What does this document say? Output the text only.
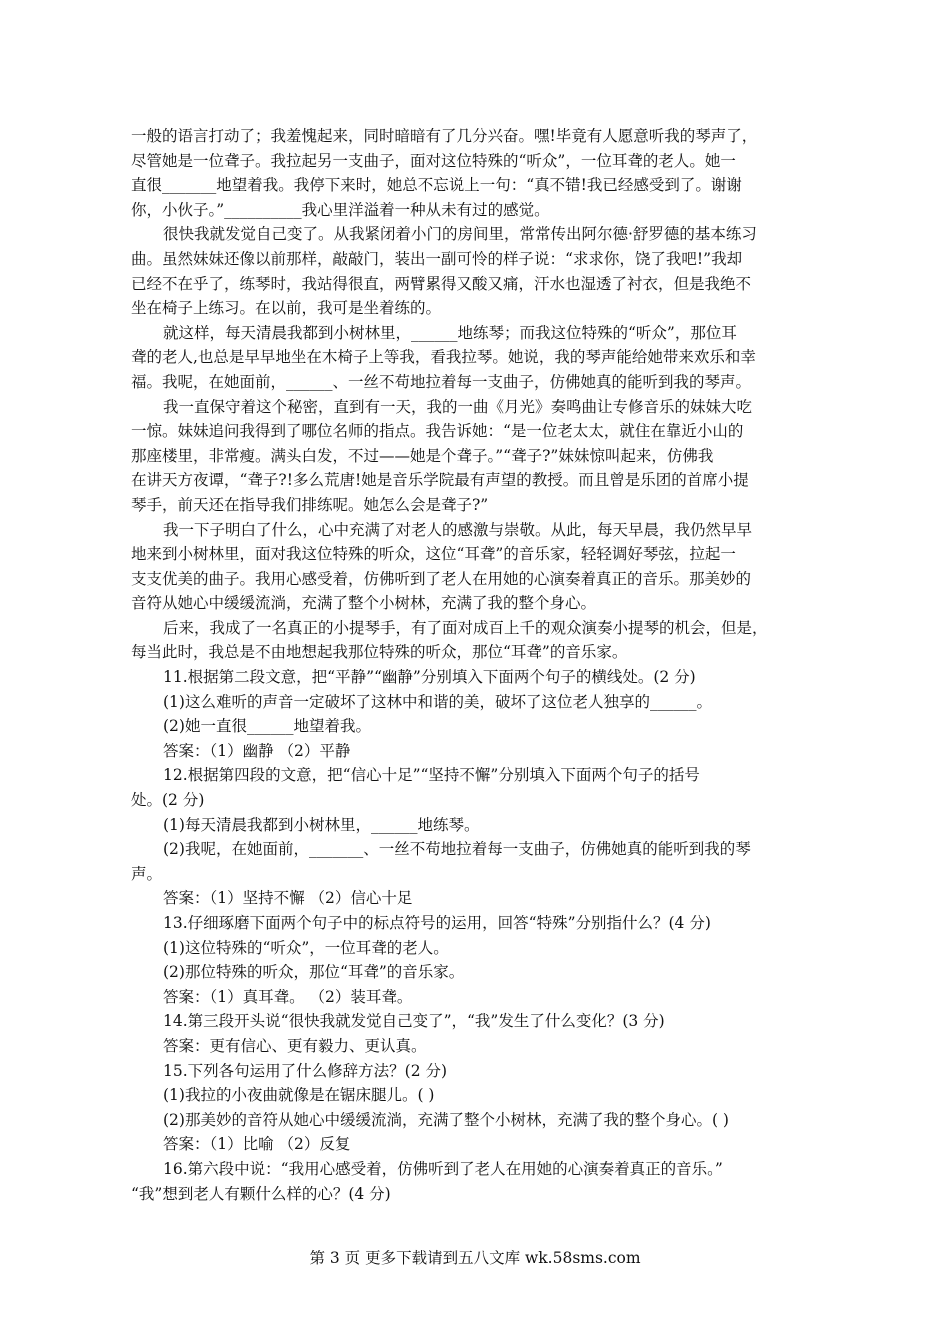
一般的语言打动了；我羞愧起来，同时暗暗有了几分兴奋。嘿!毕竟有人愿意听我的琴声了，
尽管她是一位聋子。我拉起另一支曲子，面对这位特殊的“听众”，一位耳聋的老人。她一
直很_______地望着我。我停下来时，她总不忘说上一句：“真不错!我已经感受到了。谢谢
你，小伙子。”__________我心里洋溢着一种从未有过的感觉。
很快我就发觉自己变了。从我紧闭着小门的房间里，常常传出阿尔德·舒罗德的基本练习
曲。虽然妹妹还像以前那样，敲敲门，装出一副可怜的样子说：“求求你，饶了我吧!”我却
已经不在乎了，练琴时，我站得很直，两臂累得又酸又痛，汗水也湿透了衬衣，但是我绝不
坐在椅子上练习。在以前，我可是坐着练的。
就这样，每天清晨我都到小树林里，______地练琴；而我这位特殊的“听众”，那位耳
聋的老人,也总是早早地坐在木椅子上等我，看我拉琴。她说，我的琴声能给她带来欢乐和幸
福。我呢，在她面前，______、一丝不苟地拉着每一支曲子，仿佛她真的能听到我的琴声。
我一直保守着这个秘密，直到有一天，我的一曲《月光》奏鸣曲让专修音乐的妹妹大吃
一惊。妹妹追问我得到了哪位名师的指点。我告诉她：“是一位老太太，就住在靠近小山的
那座楼里，非常瘦。满头白发，不过——她是个聋子。”“聋子?”妹妹惊叫起来，仿佛我
在讲天方夜谭，“聋子?!多么荒唐!她是音乐学院最有声望的教授。而且曾是乐团的首席小提
琴手，前天还在指导我们排练呢。她怎么会是聋子?”
我一下子明白了什么，心中充满了对老人的感激与崇敬。从此，每天早晨，我仍然早早
地来到小树林里，面对我这位特殊的听众，这位“耳聋”的音乐家，轻轻调好琴弦，拉起一
支支优美的曲子。我用心感受着，仿佛听到了老人在用她的心演奏着真正的音乐。那美妙的
音符从她心中缓缓流淌，充满了整个小树林，充满了我的整个身心。
后来，我成了一名真正的小提琴手，有了面对成百上千的观众演奏小提琴的机会，但是，
每当此时，我总是不由地想起我那位特殊的听众，那位“耳聋”的音乐家。
11.根据第二段文意，把“平静”“幽静”分别填入下面两个句子的横线处。(2 分)
(1)这么难听的声音一定破坏了这林中和谐的美，破坏了这位老人独享的______。
(2)她一直很______地望着我。
答案：（1）幽静 （2）平静
12.根据第四段的文意，把“信心十足”“坚持不懈”分别填入下面两个句子的括号
处。(2 分)
(1)每天清晨我都到小树林里，______地练琴。
(2)我呢，在她面前，_______、一丝不苟地拉着每一支曲子，仿佛她真的能听到我的琴
声。
答案：（1）坚持不懈 （2）信心十足
13.仔细琢磨下面两个句子中的标点符号的运用，回答“特殊”分别指什么？(4 分)
(1)这位特殊的“听众”，一位耳聋的老人。
(2)那位特殊的听众，那位“耳聋”的音乐家。
答案：（1）真耳聋。 （2）装耳聋。
14.第三段开头说“很快我就发觉自己变了”，“我”发生了什么变化？(3 分)
答案：更有信心、更有毅力、更认真。
15.下列各句运用了什么修辞方法？(2 分)
(1)我拉的小夜曲就像是在锯床腿儿。( )
(2)那美妙的音符从她心中缓缓流淌，充满了整个小树林，充满了我的整个身心。( )
答案：（1）比喻 （2）反复
16.第六段中说：“我用心感受着，仿佛听到了老人在用她的心演奏着真正的音乐。”
“我”想到老人有颗什么样的心？(4 分)
第 3 页 更多下载请到五八文库 wk.58sms.com
